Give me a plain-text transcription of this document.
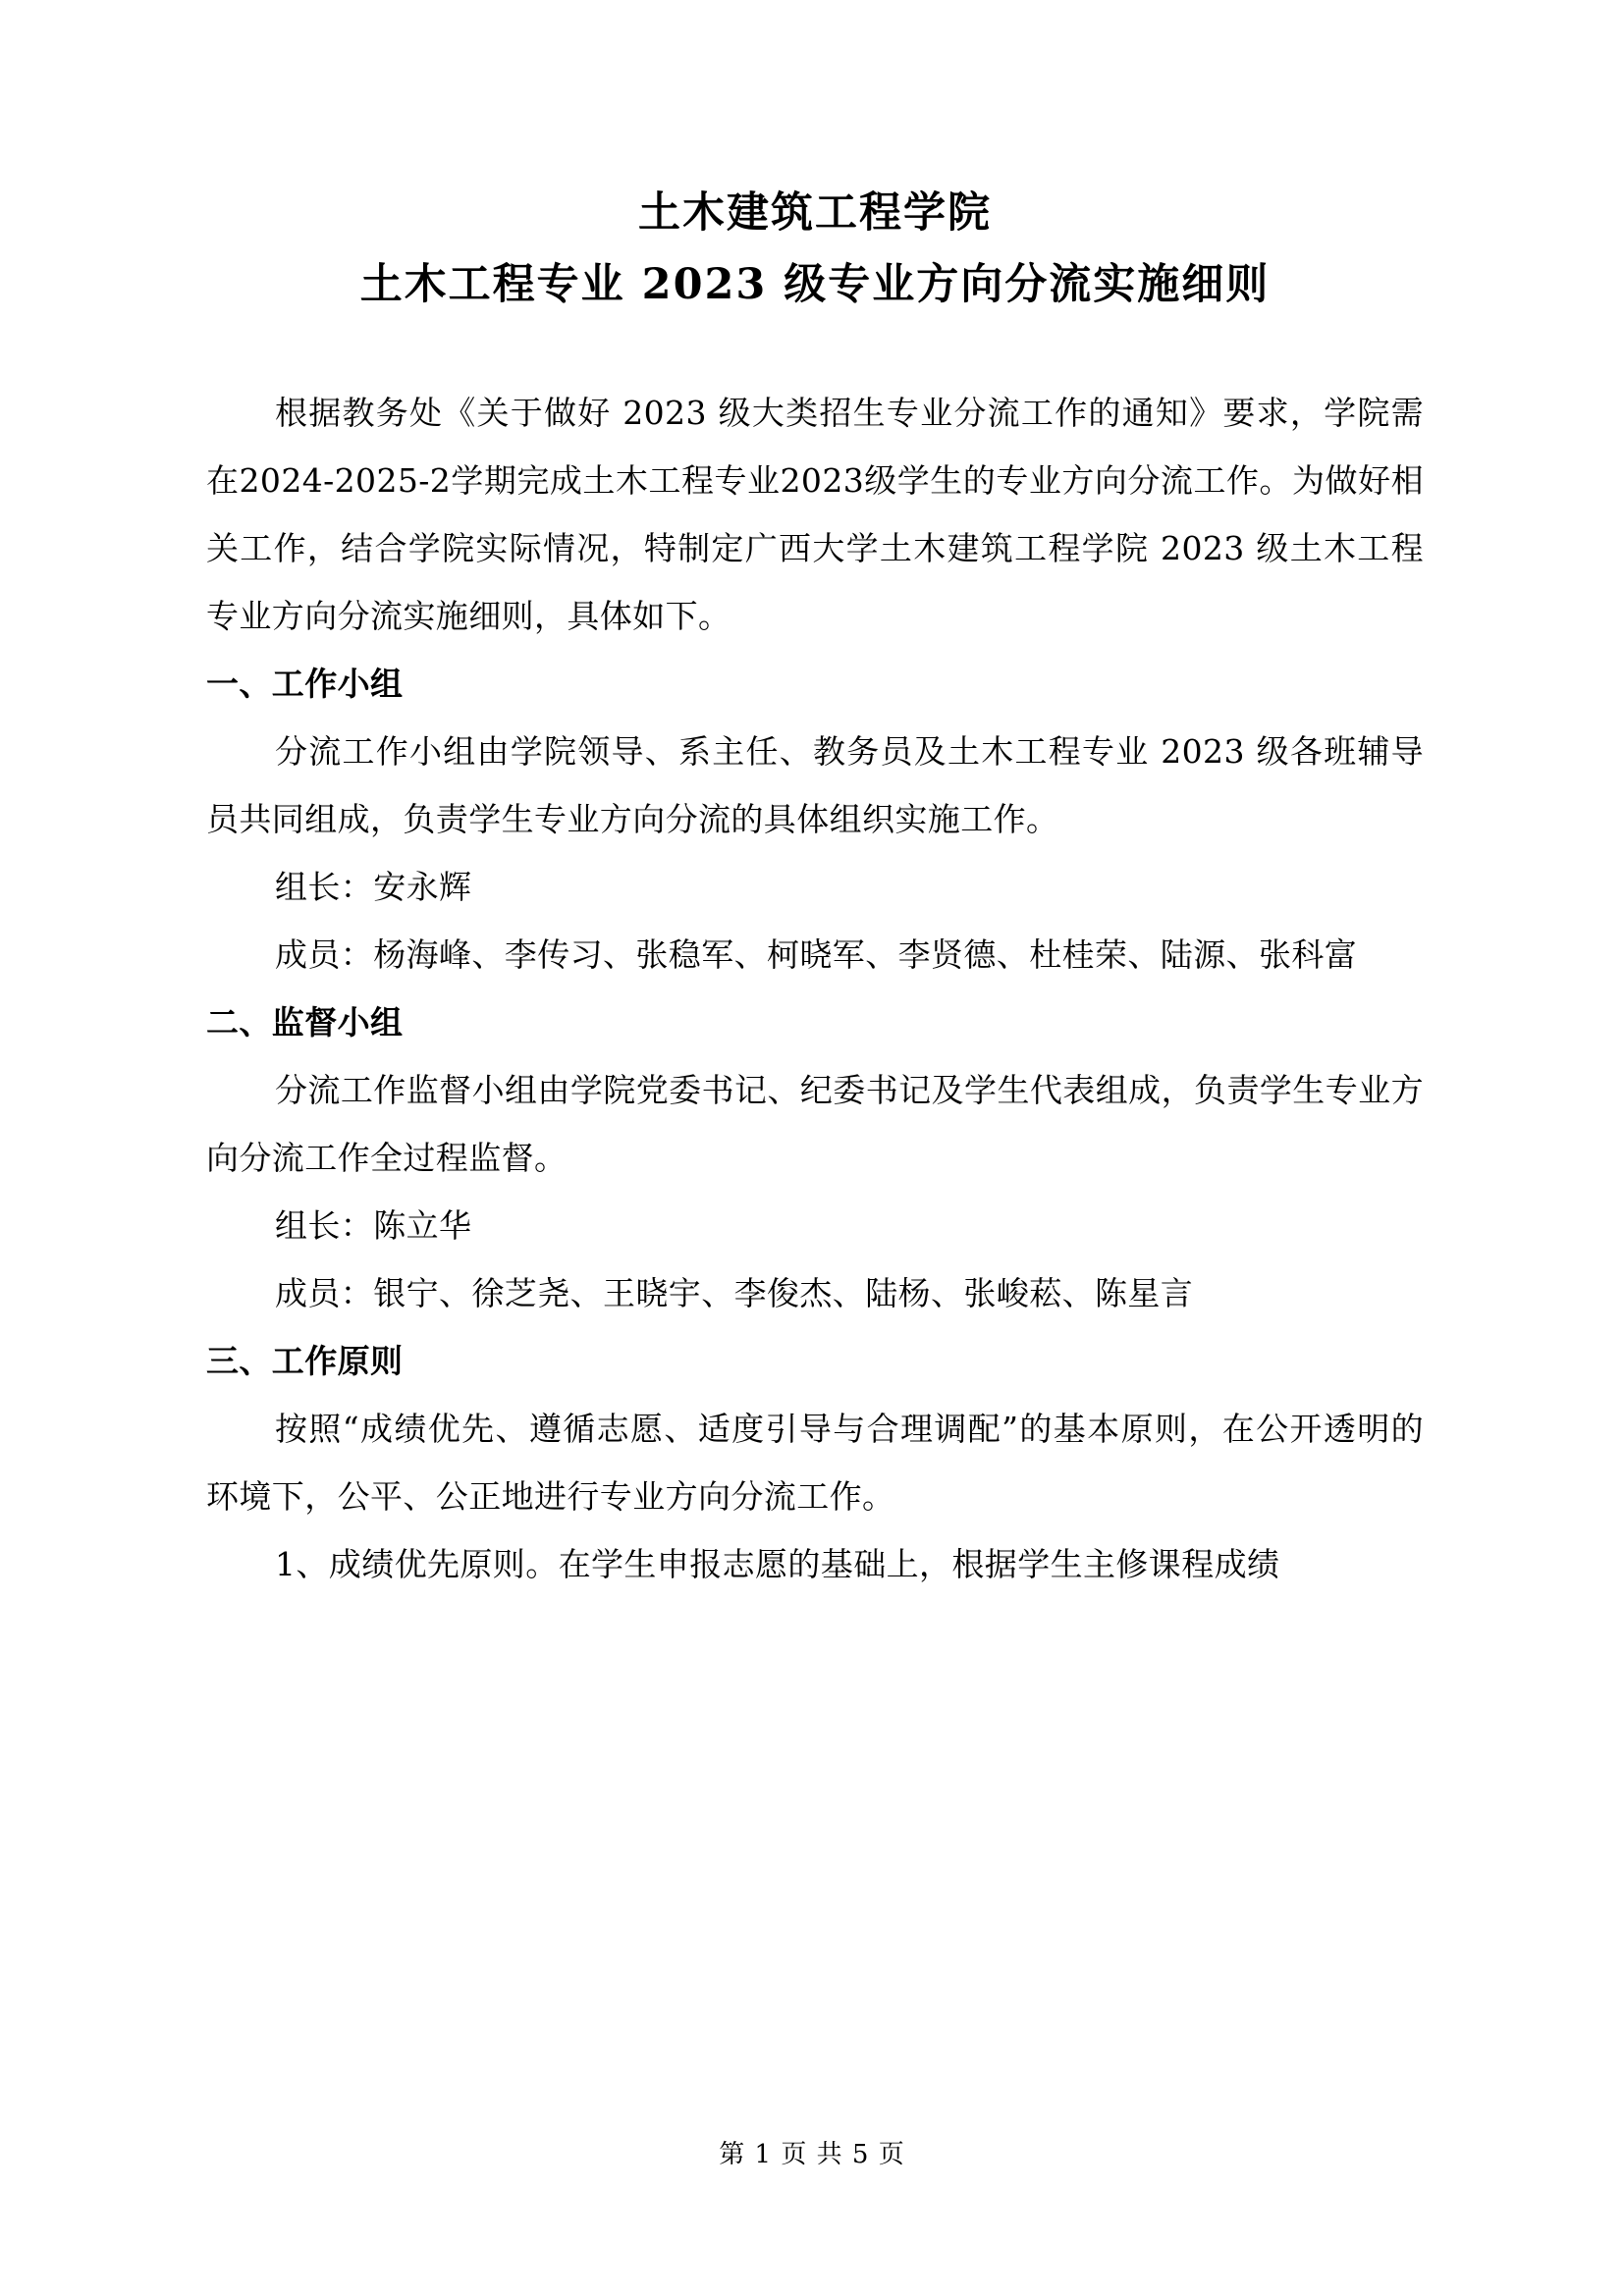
土木建筑工程学院
土木工程专业 2023 级专业方向分流实施细则

根据教务处《关于做好 2023 级大类招生专业分流工作的通知》要求，学院需在2024-2025-2学期完成土木工程专业2023级学生的专业方向分流工作。为做好相关工作，结合学院实际情况，特制定广西大学土木建筑工程学院 2023 级土木工程专业方向分流实施细则，具体如下。

一、工作小组

分流工作小组由学院领导、系主任、教务员及土木工程专业 2023 级各班辅导员共同组成，负责学生专业方向分流的具体组织实施工作。

组长：安永辉

成员：杨海峰、李传习、张稳军、柯晓军、李贤德、杜桂荣、陆源、张科富

二、监督小组

分流工作监督小组由学院党委书记、纪委书记及学生代表组成，负责学生专业方向分流工作全过程监督。

组长：陈立华

成员：银宁、徐芝尧、王晓宇、李俊杰、陆杨、张峻菘、陈星言

三、工作原则

按照“成绩优先、遵循志愿、适度引导与合理调配”的基本原则，在公开透明的环境下，公平、公正地进行专业方向分流工作。

1、成绩优先原则。在学生申报志愿的基础上，根据学生主修课程成绩

第 1 页 共 5 页
